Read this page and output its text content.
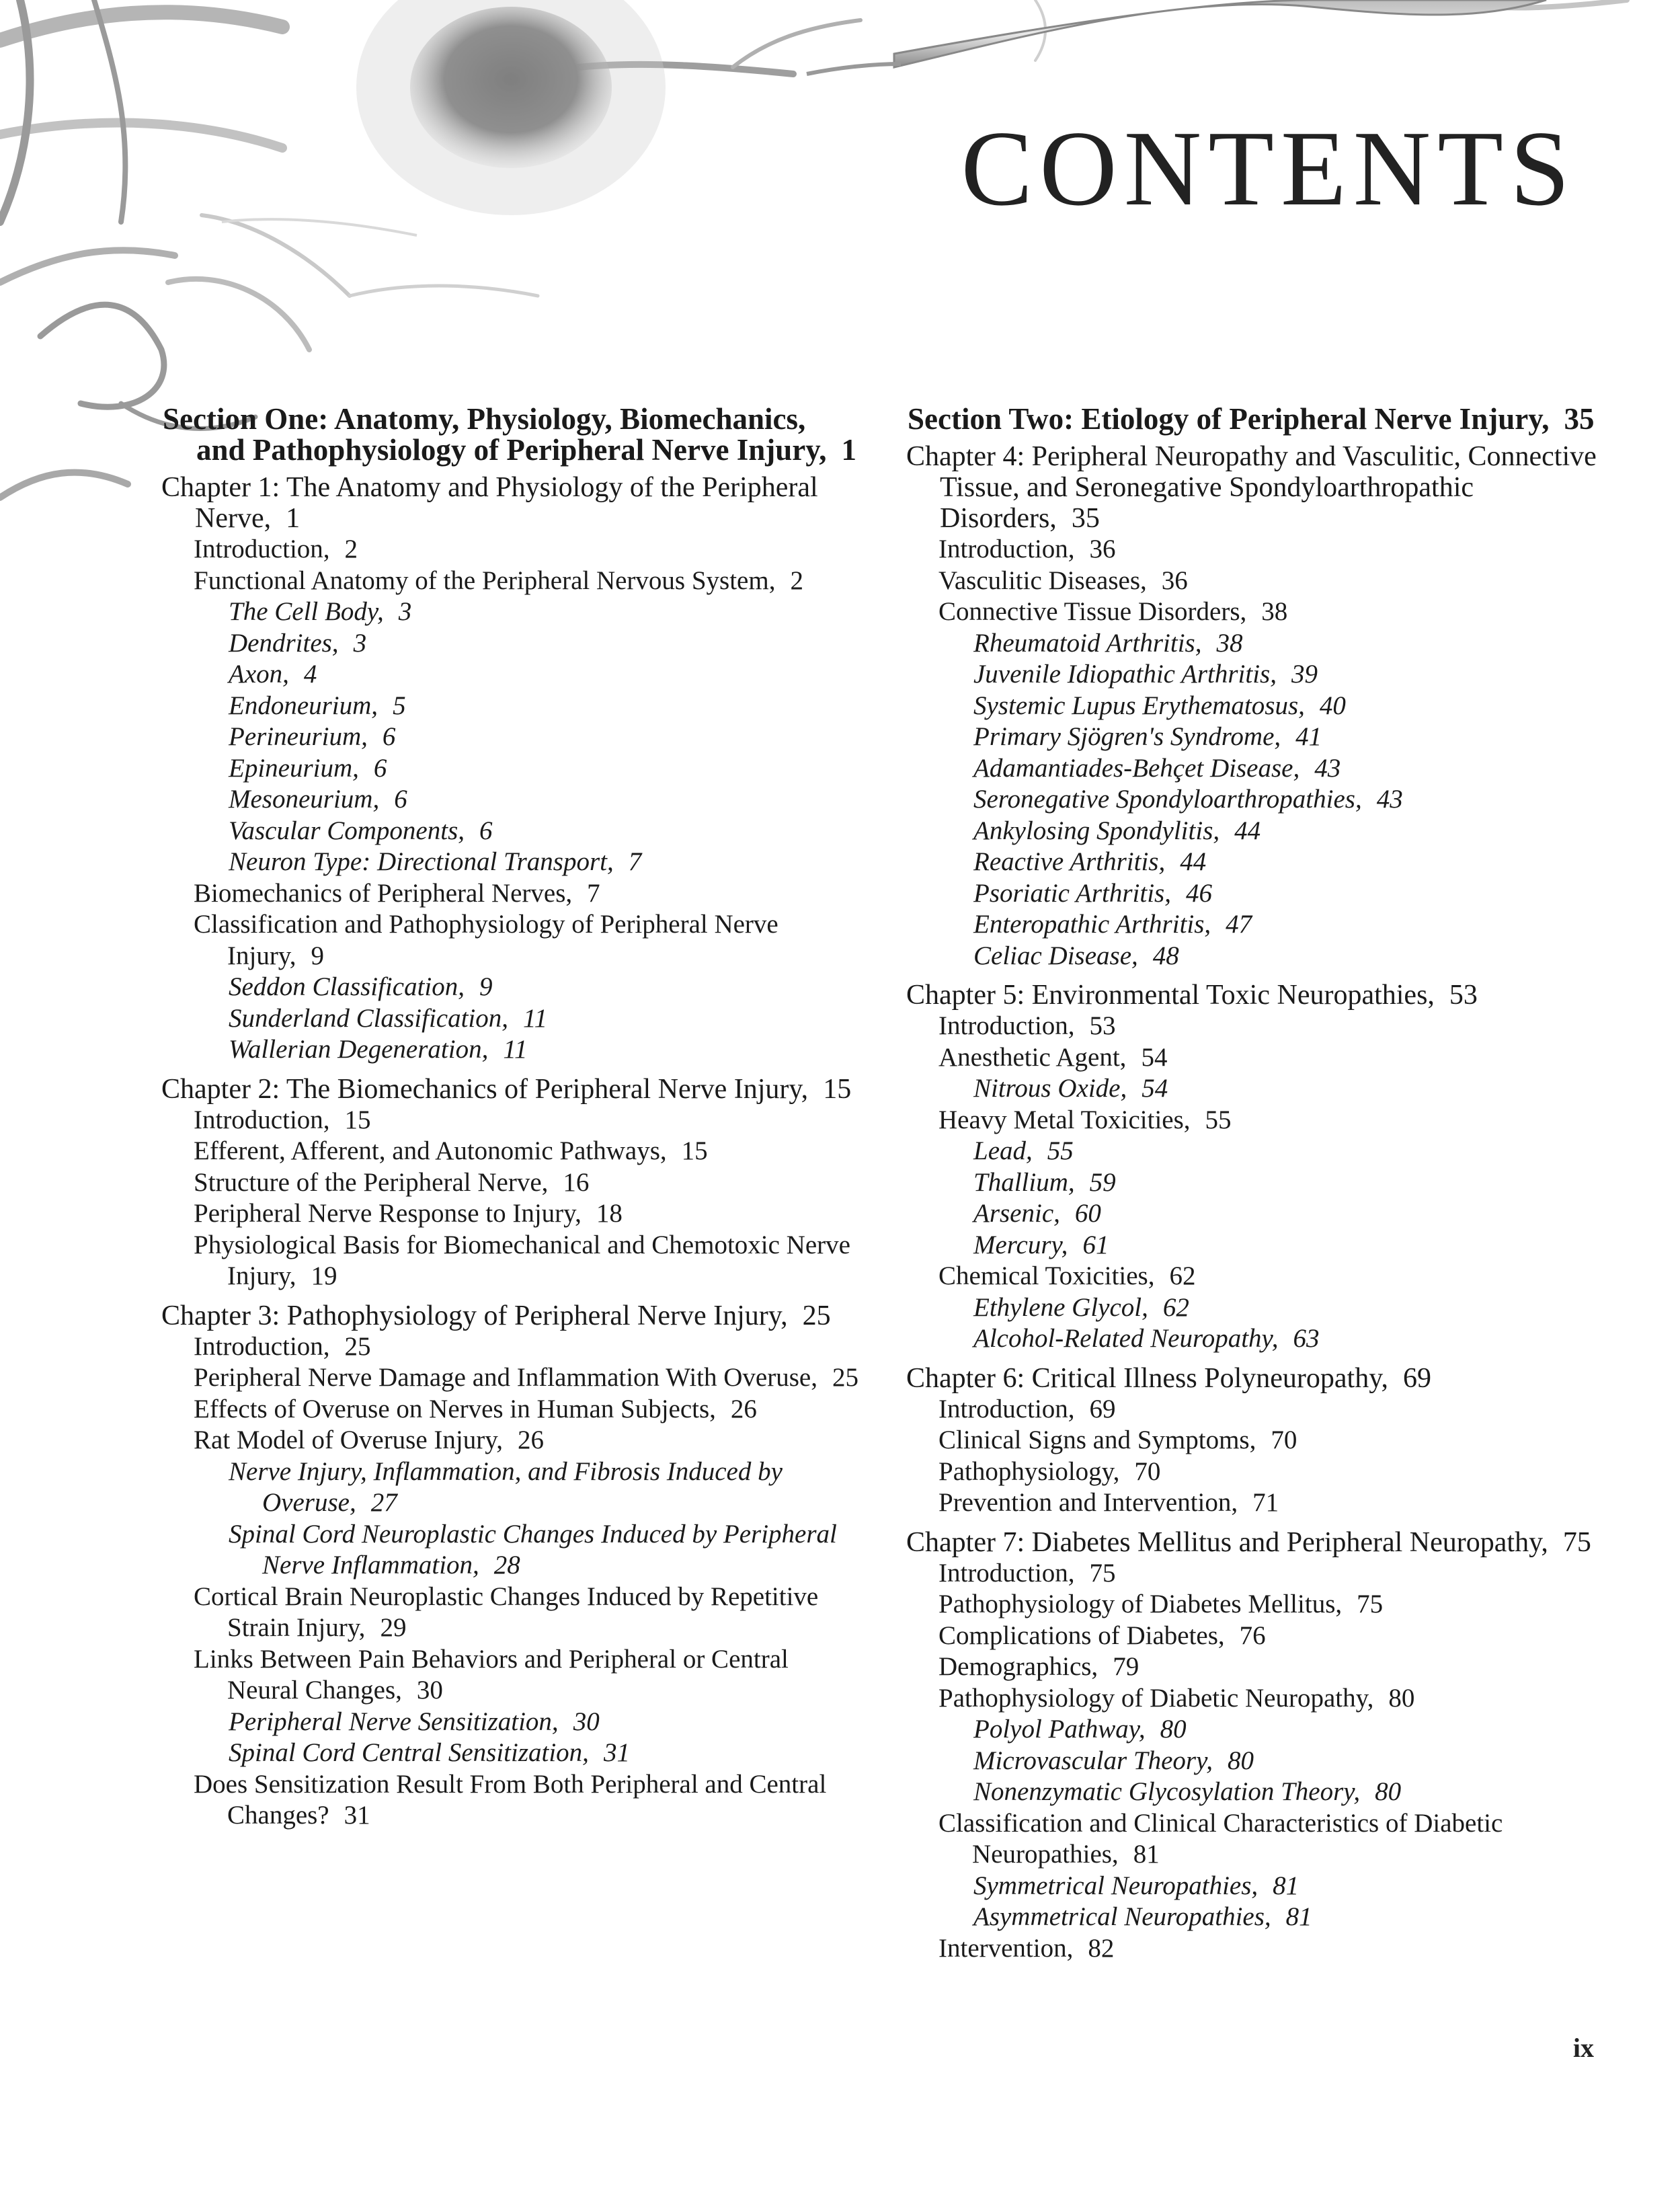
CONTENTS
Section One: Anatomy, Physiology, Biomechanics, and Pathophysiology of Peripheral Nerve Injury, 1
Chapter 1: The Anatomy and Physiology of the Peripheral Nerve, 1
Introduction, 2
Functional Anatomy of the Peripheral Nervous System, 2
The Cell Body, 3
Dendrites, 3
Axon, 4
Endoneurium, 5
Perineurium, 6
Epineurium, 6
Mesoneurium, 6
Vascular Components, 6
Neuron Type: Directional Transport, 7
Biomechanics of Peripheral Nerves, 7
Classification and Pathophysiology of Peripheral Nerve Injury, 9
Seddon Classification, 9
Sunderland Classification, 11
Wallerian Degeneration, 11
Chapter 2: The Biomechanics of Peripheral Nerve Injury, 15
Introduction, 15
Efferent, Afferent, and Autonomic Pathways, 15
Structure of the Peripheral Nerve, 16
Peripheral Nerve Response to Injury, 18
Physiological Basis for Biomechanical and Chemotoxic Nerve Injury, 19
Chapter 3: Pathophysiology of Peripheral Nerve Injury, 25
Introduction, 25
Peripheral Nerve Damage and Inflammation With Overuse, 25
Effects of Overuse on Nerves in Human Subjects, 26
Rat Model of Overuse Injury, 26
Nerve Injury, Inflammation, and Fibrosis Induced by Overuse, 27
Spinal Cord Neuroplastic Changes Induced by Peripheral Nerve Inflammation, 28
Cortical Brain Neuroplastic Changes Induced by Repetitive Strain Injury, 29
Links Between Pain Behaviors and Peripheral or Central Neural Changes, 30
Peripheral Nerve Sensitization, 30
Spinal Cord Central Sensitization, 31
Does Sensitization Result From Both Peripheral and Central Changes? 31
Section Two: Etiology of Peripheral Nerve Injury, 35
Chapter 4: Peripheral Neuropathy and Vasculitic, Connective Tissue, and Seronegative Spondyloarthropathic Disorders, 35
Introduction, 36
Vasculitic Diseases, 36
Connective Tissue Disorders, 38
Rheumatoid Arthritis, 38
Juvenile Idiopathic Arthritis, 39
Systemic Lupus Erythematosus, 40
Primary Sjögren's Syndrome, 41
Adamantiades-Behçet Disease, 43
Seronegative Spondyloarthropathies, 43
Ankylosing Spondylitis, 44
Reactive Arthritis, 44
Psoriatic Arthritis, 46
Enteropathic Arthritis, 47
Celiac Disease, 48
Chapter 5: Environmental Toxic Neuropathies, 53
Introduction, 53
Anesthetic Agent, 54
Nitrous Oxide, 54
Heavy Metal Toxicities, 55
Lead, 55
Thallium, 59
Arsenic, 60
Mercury, 61
Chemical Toxicities, 62
Ethylene Glycol, 62
Alcohol-Related Neuropathy, 63
Chapter 6: Critical Illness Polyneuropathy, 69
Introduction, 69
Clinical Signs and Symptoms, 70
Pathophysiology, 70
Prevention and Intervention, 71
Chapter 7: Diabetes Mellitus and Peripheral Neuropathy, 75
Introduction, 75
Pathophysiology of Diabetes Mellitus, 75
Complications of Diabetes, 76
Demographics, 79
Pathophysiology of Diabetic Neuropathy, 80
Polyol Pathway, 80
Microvascular Theory, 80
Nonenzymatic Glycosylation Theory, 80
Classification and Clinical Characteristics of Diabetic Neuropathies, 81
Symmetrical Neuropathies, 81
Asymmetrical Neuropathies, 81
Intervention, 82
ix
